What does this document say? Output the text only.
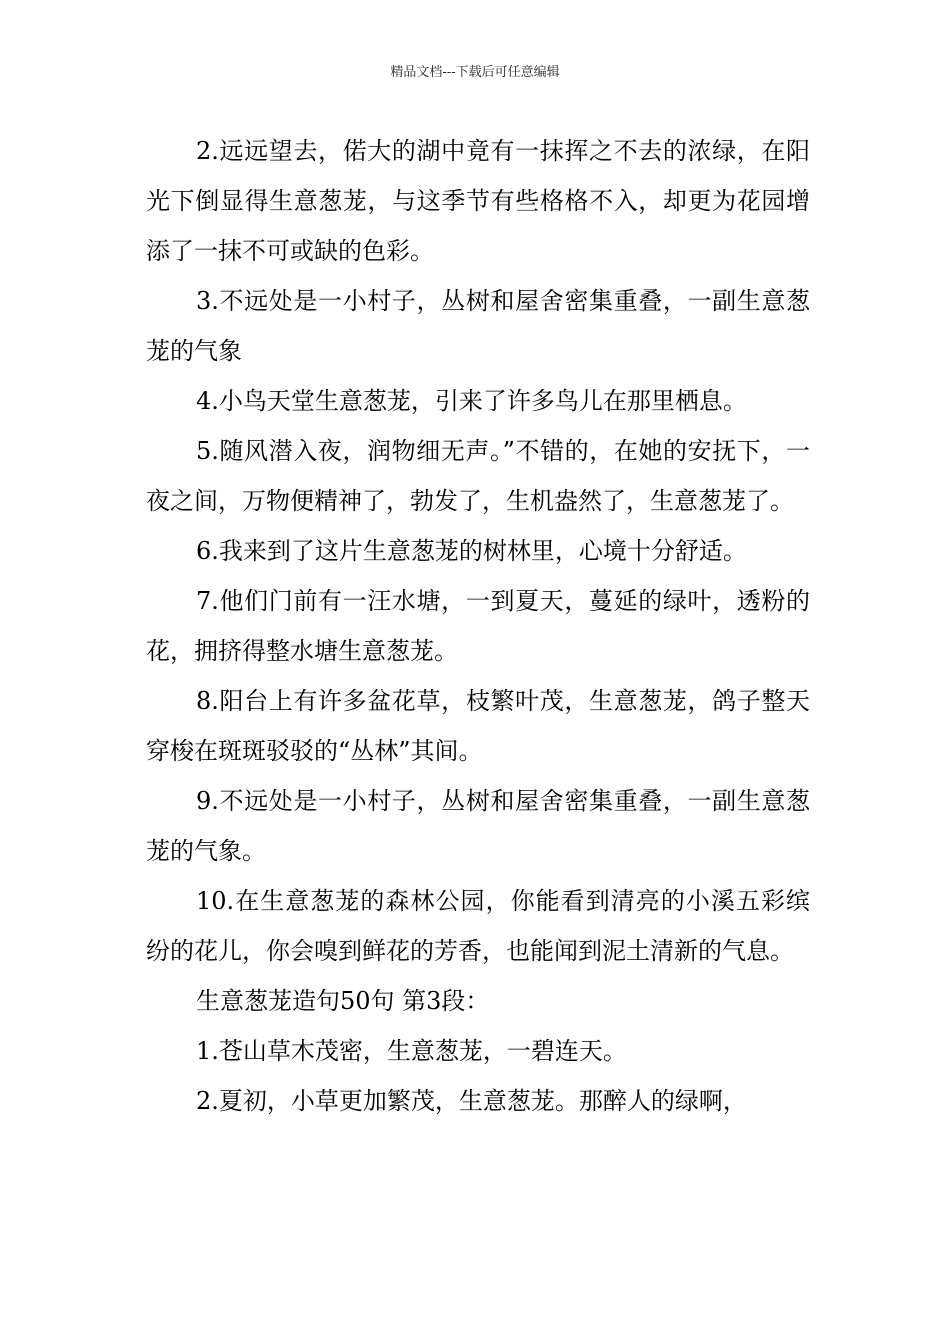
精品文档---下载后可任意编辑

2.远远望去，偌大的湖中竟有一抹挥之不去的浓绿，在阳光下倒显得生意葱茏，与这季节有些格格不入，却更为花园增添了一抹不可或缺的色彩。

3.不远处是一小村子，丛树和屋舍密集重叠，一副生意葱茏的气象

4.小鸟天堂生意葱茏，引来了许多鸟儿在那里栖息。

5.随风潜入夜，润物细无声。”不错的，在她的安抚下，一夜之间，万物便精神了，勃发了，生机盎然了，生意葱茏了。

6.我来到了这片生意葱茏的树林里，心境十分舒适。

7.他们门前有一汪水塘，一到夏天，蔓延的绿叶，透粉的花，拥挤得整水塘生意葱茏。

8.阳台上有许多盆花草，枝繁叶茂，生意葱茏，鸽子整天穿梭在斑斑驳驳的“丛林”其间。

9.不远处是一小村子，丛树和屋舍密集重叠，一副生意葱茏的气象。

10.在生意葱茏的森林公园，你能看到清亮的小溪五彩缤纷的花儿，你会嗅到鲜花的芳香，也能闻到泥土清新的气息。

生意葱茏造句50句 第3段：

1.苍山草木茂密，生意葱茏，一碧连天。

2.夏初，小草更加繁茂，生意葱茏。那醉人的绿啊，
